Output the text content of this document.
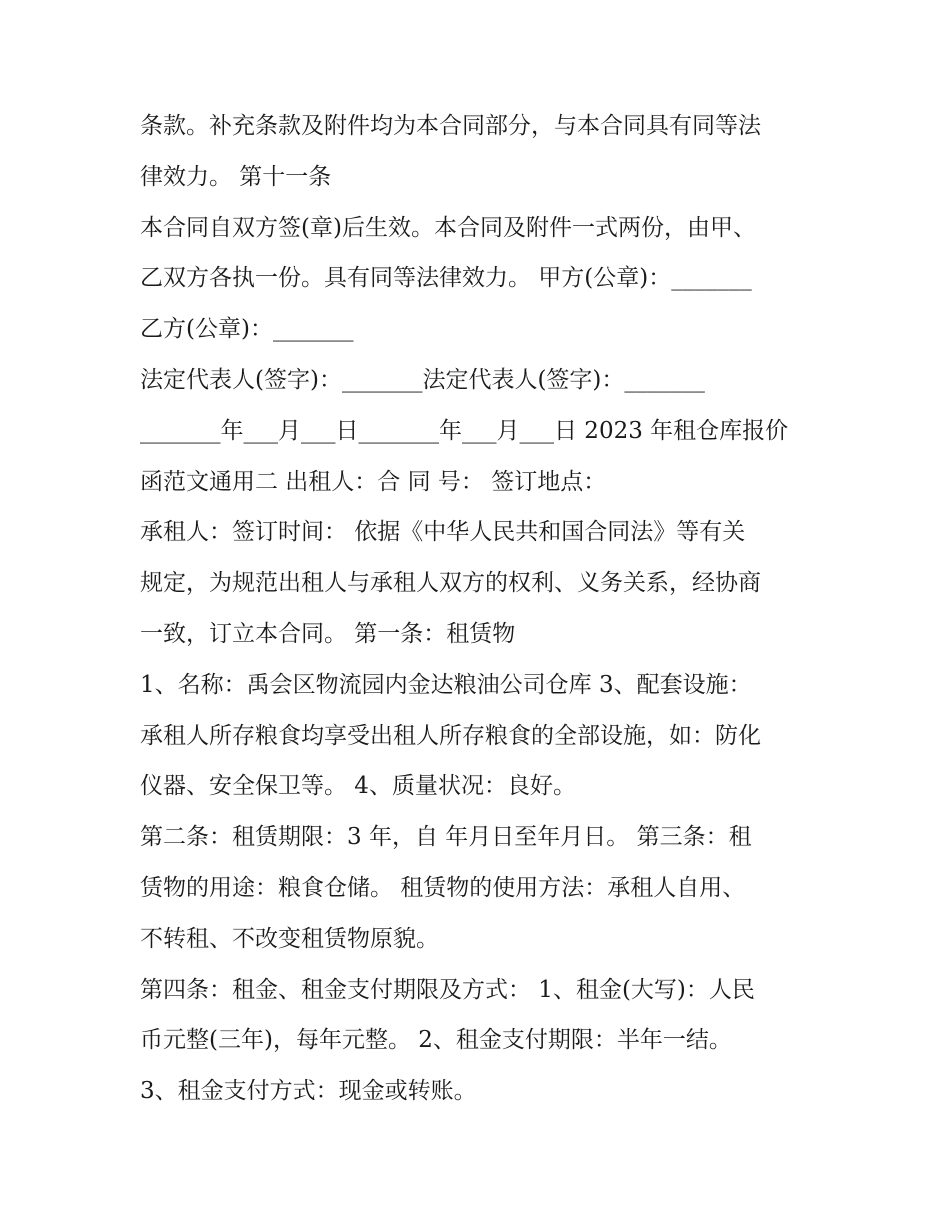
条款。补充条款及附件均为本合同部分，与本合同具有同等法
律效力。 第十一条
本合同自双方签(章)后生效。本合同及附件一式两份，由甲、
乙双方各执一份。具有同等法律效力。 甲方(公章)：_______
乙方(公章)：_______
法定代表人(签字)：_______法定代表人(签字)：_______
_______年___月___日_______年___月___日 2023 年租仓库报价
函范文通用二 出租人：合 同 号： 签订地点：
承租人：签订时间： 依据《中华人民共和国合同法》等有关
规定，为规范出租人与承租人双方的权利、义务关系，经协商
一致，订立本合同。 第一条：租赁物
1、名称：禹会区物流园内金达粮油公司仓库 3、配套设施：
承租人所存粮食均享受出租人所存粮食的全部设施，如：防化
仪器、安全保卫等。 4、质量状况：良好。
第二条：租赁期限：3 年，自 年月日至年月日。 第三条：租
赁物的用途：粮食仓储。 租赁物的使用方法：承租人自用、
不转租、不改变租赁物原貌。
第四条：租金、租金支付期限及方式： 1、租金(大写)：人民
币元整(三年)，每年元整。 2、租金支付期限：半年一结。
3、租金支付方式：现金或转账。
